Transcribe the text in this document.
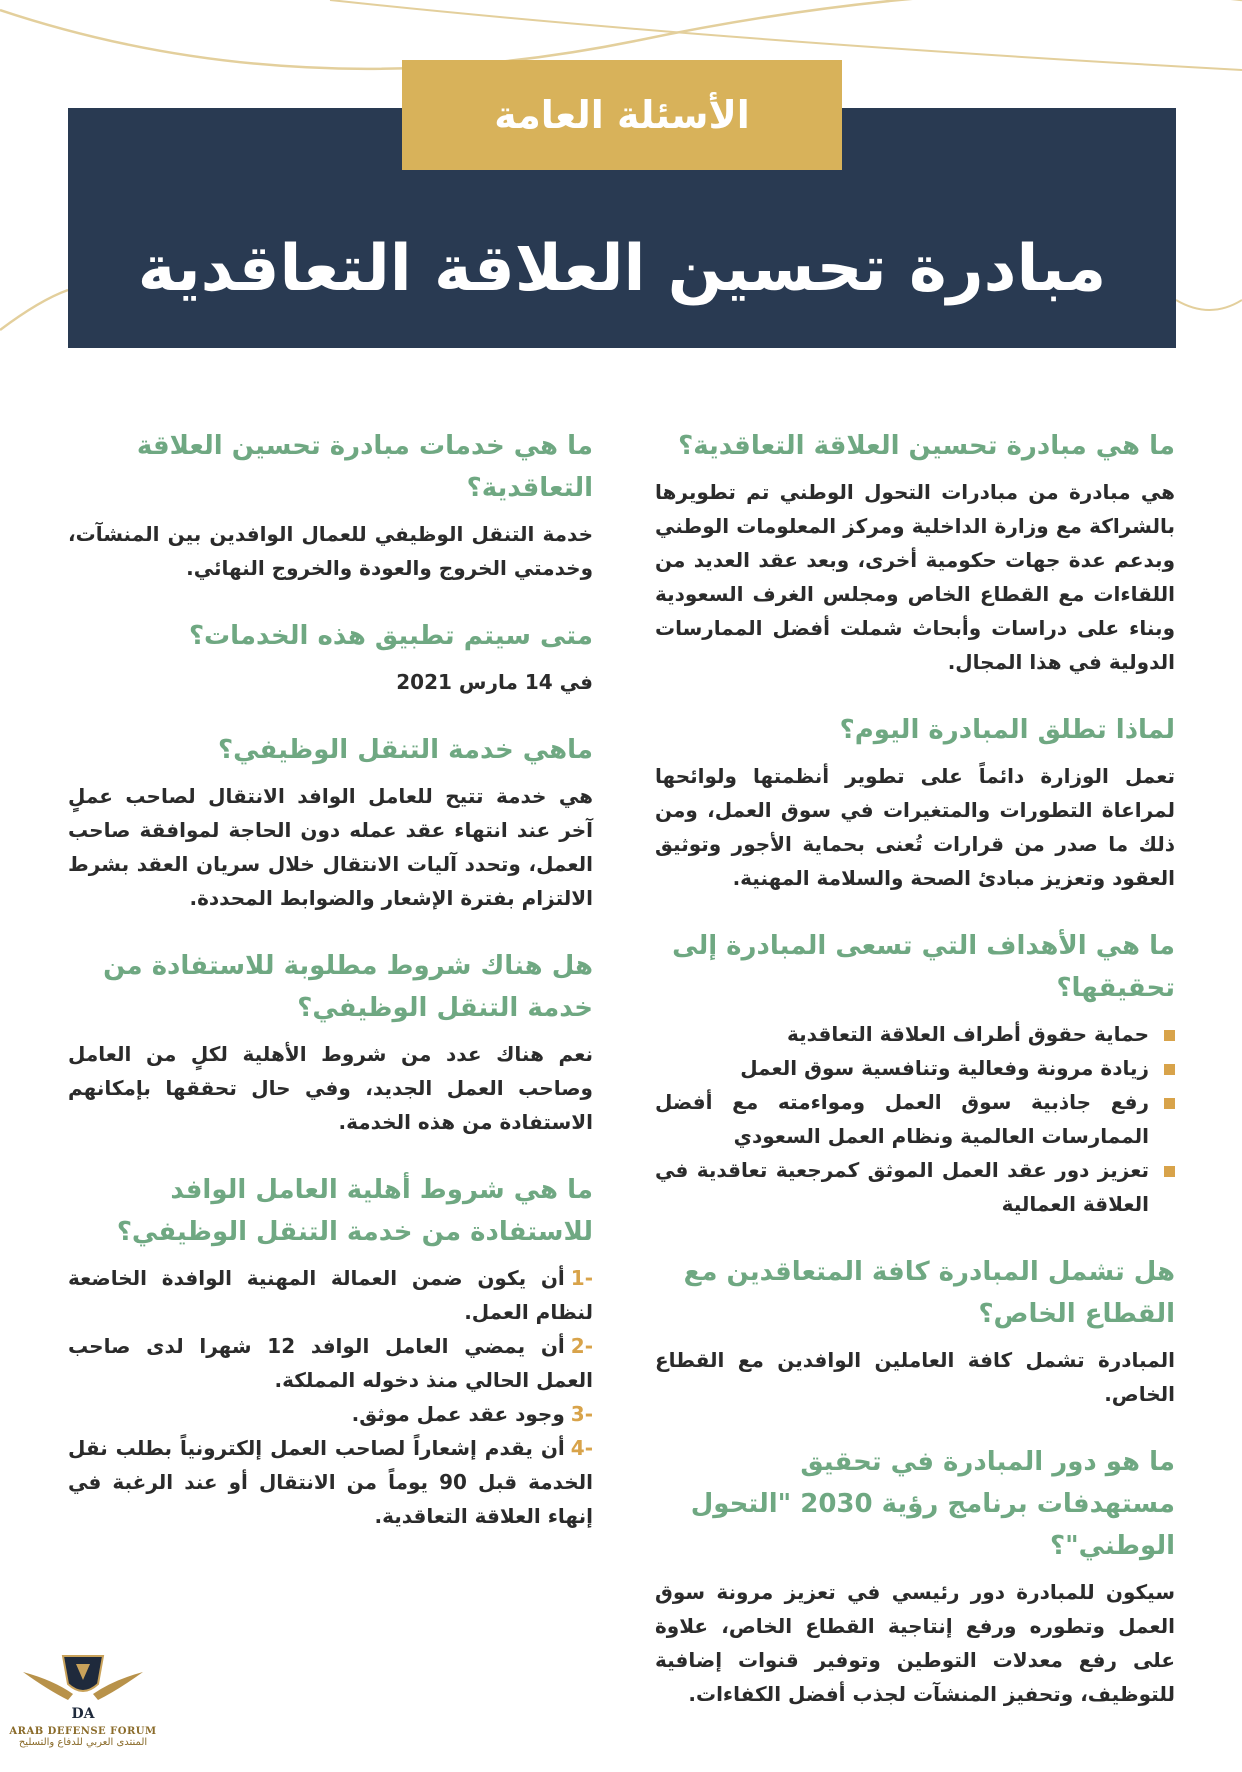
الأسئلة العامة
مبادرة تحسين العلاقة التعاقدية
ما هي مبادرة تحسين العلاقة التعاقدية؟
هي مبادرة من مبادرات التحول الوطني تم تطويرها بالشراكة مع وزارة الداخلية ومركز المعلومات الوطني وبدعم عدة جهات حكومية أخرى، وبعد عقد العديد من اللقاءات مع القطاع الخاص ومجلس الغرف السعودية وبناء على دراسات وأبحاث شملت أفضل الممارسات الدولية في هذا المجال.
لماذا تطلق المبادرة اليوم؟
تعمل الوزارة دائماً على تطوير أنظمتها ولوائحها لمراعاة التطورات والمتغيرات في سوق العمل، ومن ذلك ما صدر من قرارات تُعنى بحماية الأجور وتوثيق العقود وتعزيز مبادئ الصحة والسلامة المهنية.
ما هي الأهداف التي تسعى المبادرة إلى تحقيقها؟
حماية حقوق أطراف العلاقة التعاقدية
زيادة مرونة وفعالية وتنافسية سوق العمل
رفع جاذبية سوق العمل ومواءمته مع أفضل الممارسات العالمية ونظام العمل السعودي
تعزيز دور عقد العمل الموثق كمرجعية تعاقدية في العلاقة العمالية
هل تشمل المبادرة كافة المتعاقدين مع القطاع الخاص؟
المبادرة تشمل كافة العاملين الوافدين مع القطاع الخاص.
ما هو دور المبادرة في تحقيق مستهدفات برنامج رؤية 2030 "التحول الوطني"؟
سيكون للمبادرة دور رئيسي في تعزيز مرونة سوق العمل وتطوره ورفع إنتاجية القطاع الخاص، علاوة على رفع معدلات التوطين وتوفير قنوات إضافية للتوظيف، وتحفيز المنشآت لجذب أفضل الكفاءات.
ما هي خدمات مبادرة تحسين العلاقة التعاقدية؟
خدمة التنقل الوظيفي للعمال الوافدين بين المنشآت، وخدمتي الخروج والعودة والخروج النهائي.
متى سيتم تطبيق هذه الخدمات؟
في 14 مارس 2021
ماهي خدمة التنقل الوظيفي؟
هي خدمة تتيح للعامل الوافد الانتقال لصاحب عملٍ آخر عند انتهاء عقد عمله دون الحاجة لموافقة صاحب العمل، وتحدد آليات الانتقال خلال سريان العقد بشرط الالتزام بفترة الإشعار والضوابط المحددة.
هل هناك شروط مطلوبة للاستفادة من خدمة التنقل الوظيفي؟
نعم هناك عدد من شروط الأهلية لكلٍ من العامل وصاحب العمل الجديد، وفي حال تحققها بإمكانهم الاستفادة من هذه الخدمة.
ما هي شروط أهلية العامل الوافد للاستفادة من خدمة التنقل الوظيفي؟
-1أن يكون ضمن العمالة المهنية الوافدة الخاضعة لنظام العمل.
-2أن يمضي العامل الوافد 12 شهرا لدى صاحب العمل الحالي منذ دخوله المملكة.
-3وجود عقد عمل موثق.
-4أن يقدم إشعاراً لصاحب العمل إلكترونياً بطلب نقل الخدمة قبل 90 يوماً من الانتقال أو عند الرغبة في إنهاء العلاقة التعاقدية.
DA
ARAB DEFENSE FORUM
المنتدى العربي للدفاع والتسليح
